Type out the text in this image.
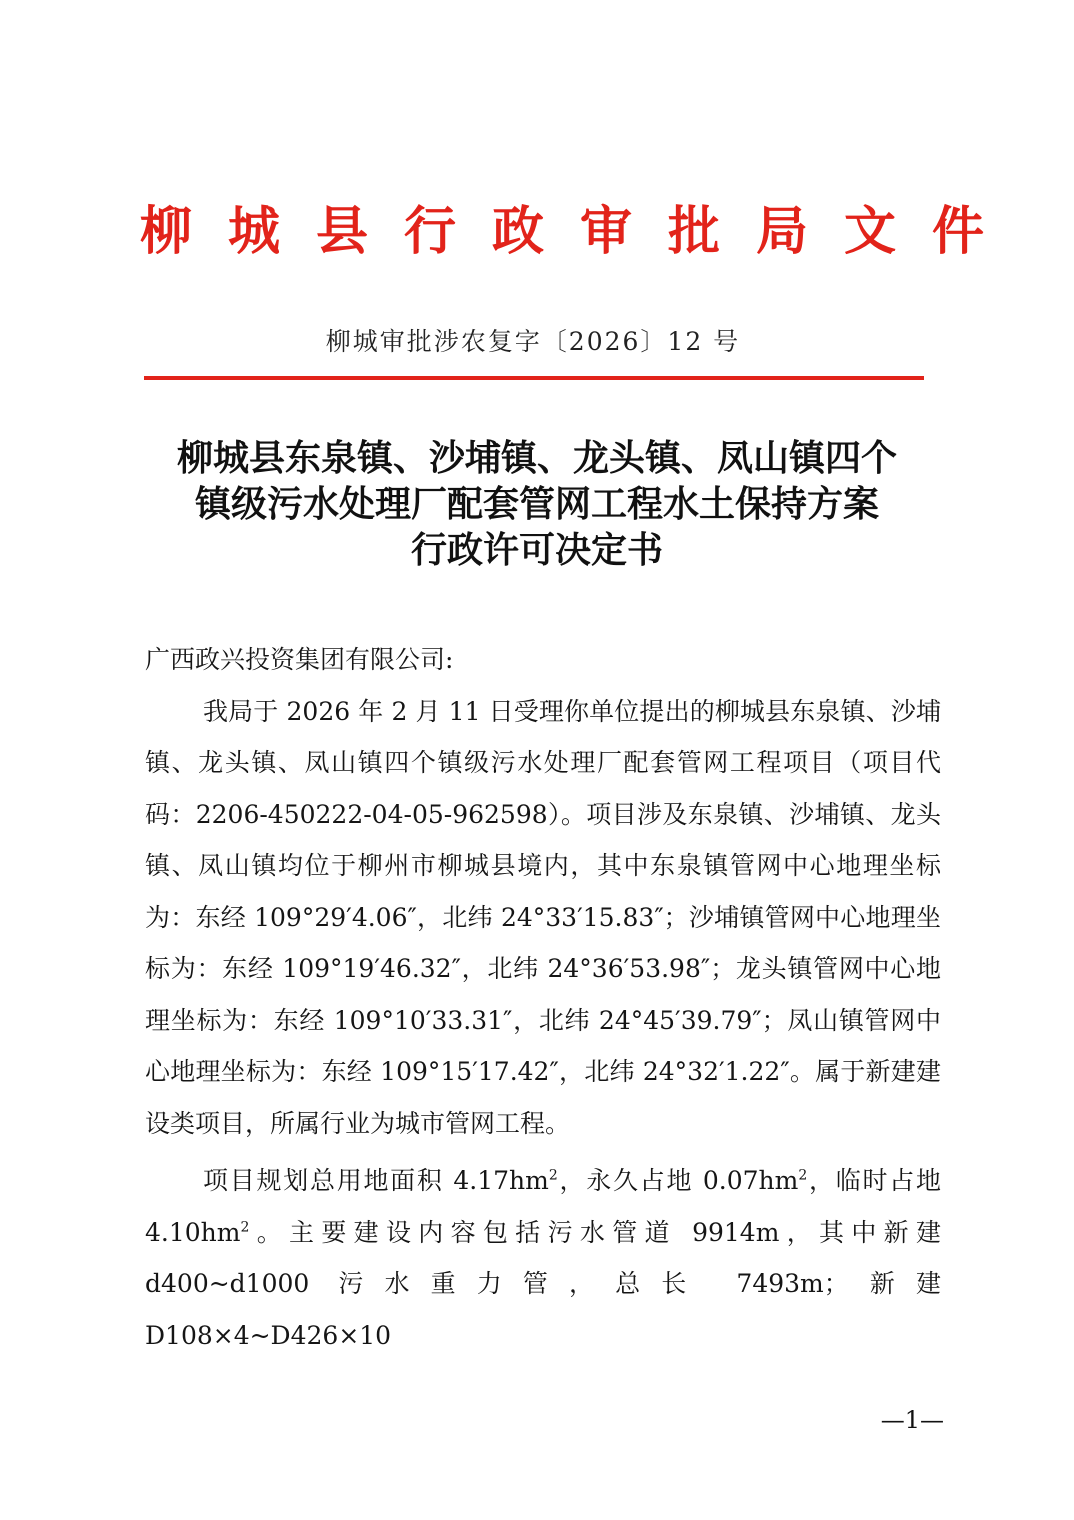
柳城县行政审批局文件
柳城审批涉农复字〔2026〕12 号
柳城县东泉镇、沙埔镇、龙头镇、凤山镇四个
镇级污水处理厂配套管网工程水土保持方案
行政许可决定书

广西政兴投资集团有限公司:

我局于 2026 年 2 月 11 日受理你单位提出的柳城县东泉镇、沙埔镇、龙头镇、凤山镇四个镇级污水处理厂配套管网工程项目（项目代码：2206-450222-04-05-962598）。项目涉及东泉镇、沙埔镇、龙头镇、凤山镇均位于柳州市柳城县境内，其中东泉镇管网中心地理坐标为：东经 109°29′4.06″，北纬 24°33′15.83″；沙埔镇管网中心地理坐标为：东经 109°19′46.32″，北纬 24°36′53.98″；龙头镇管网中心地理坐标为：东经 109°10′33.31″，北纬 24°45′39.79″；凤山镇管网中心地理坐标为：东经 109°15′17.42″，北纬 24°32′1.22″。属于新建建设类项目，所属行业为城市管网工程。

项目规划总用地面积 $4.17hm^2$，永久占地 $0.07hm^2$，临时占地 $4.10hm^2$。主要建设内容包括污水管道 9914m，其中新建 d400~d1000 污水重力管，总长 7493m；新建 D108×4~D426×10

—1—
